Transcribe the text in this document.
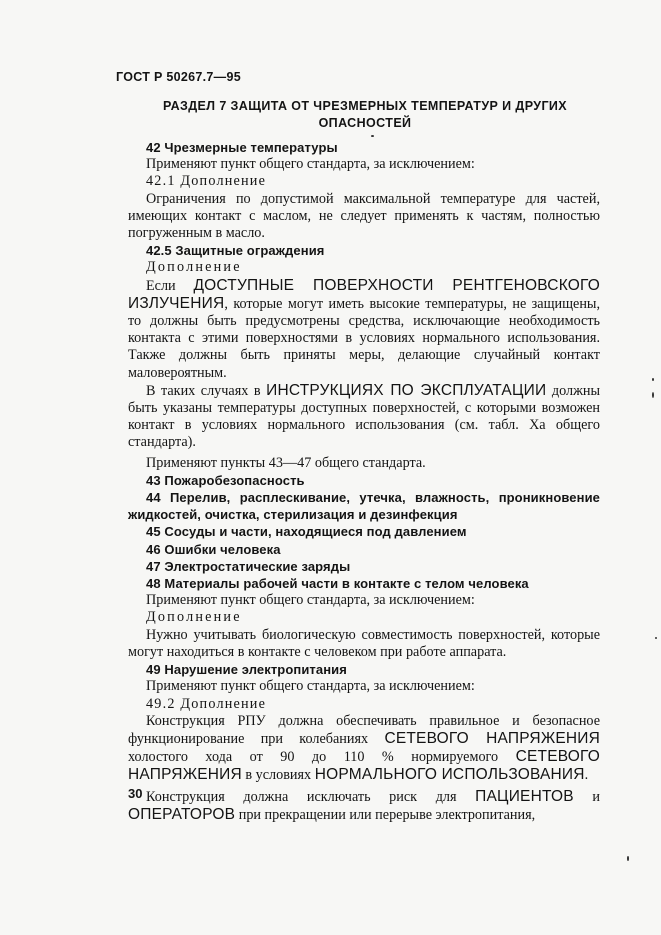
ГОСТ Р 50267.7—95
РАЗДЕЛ 7 ЗАЩИТА ОТ ЧРЕЗМЕРНЫХ ТЕМПЕРАТУР И ДРУГИХ
ОПАСНОСТЕЙ

42 Чрезмерные температуры

Применяют пункт общего стандарта, за исключением:

42.1 Дополнение

Ограничения по допустимой максимальной температуре для частей, имеющих контакт с маслом, не следует применять к частям, полностью погруженным в масло.

42.5 Защитные ограждения

Дополнение

Если ДОСТУПНЫЕ ПОВЕРХНОСТИ РЕНТГЕНОВСКОГО ИЗЛУЧЕНИЯ, которые могут иметь высокие температуры, не защищены, то должны быть предусмотрены средства, исключающие необходимость контакта с этими поверхностями в условиях нормального использования. Также должны быть приняты меры, делающие случайный контакт маловероятным.

В таких случаях в ИНСТРУКЦИЯХ ПО ЭКСПЛУАТАЦИИ должны быть указаны температуры доступных поверхностей, с которыми возможен контакт в условиях нормального использования (см. табл. Xa общего стандарта).

Применяют пункты 43—47 общего стандарта.

43 Пожаробезопасность

44 Перелив, расплескивание, утечка, влажность, проникновение жидкостей, очистка, стерилизация и дезинфекция

45 Сосуды и части, находящиеся под давлением

46 Ошибки человека

47 Электростатические заряды

48 Материалы рабочей части в контакте с телом человека

Применяют пункт общего стандарта, за исключением:

Дополнение

Нужно учитывать биологическую совместимость поверхностей, которые могут находиться в контакте с человеком при работе аппарата.

49 Нарушение электропитания

Применяют пункт общего стандарта, за исключением:

49.2 Дополнение

Конструкция РПУ должна обеспечивать правильное и безопасное функционирование при колебаниях СЕТЕВОГО НАПРЯЖЕНИЯ холостого хода от 90 до 110 % нормируемого СЕТЕВОГО НАПРЯЖЕНИЯ в условиях НОРМАЛЬНОГО ИСПОЛЬЗОВАНИЯ.

Конструкция должна исключать риск для ПАЦИЕНТОВ и ОПЕРАТОРОВ при прекращении или перерыве электропитания,

30
